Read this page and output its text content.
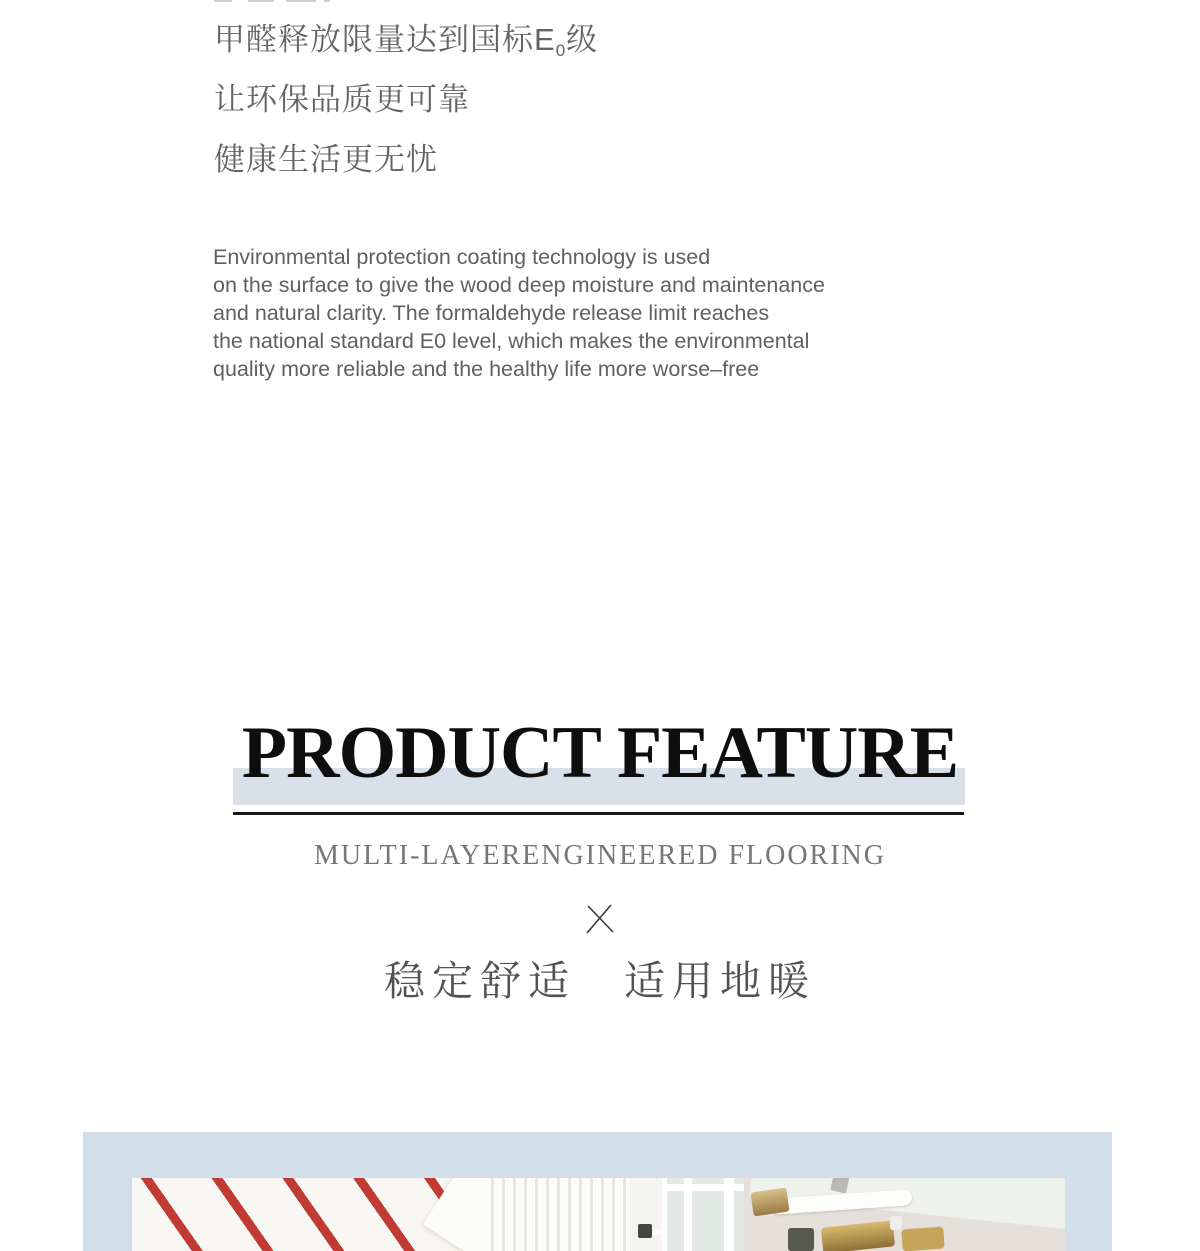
甲醛释放限量达到国标$E_0$级
让环保品质更可靠
健康生活更无忧
Environmental protection coating technology is used
on the surface to give the wood deep moisture and maintenance
and natural clarity. The formaldehyde release limit reaches
the national standard E0 level, which makes the environmental
quality more reliable and the healthy life more worse–free
PRODUCT FEATURE
MULTI-LAYERENGINEERED FLOORING
稳定舒适　适用地暖
